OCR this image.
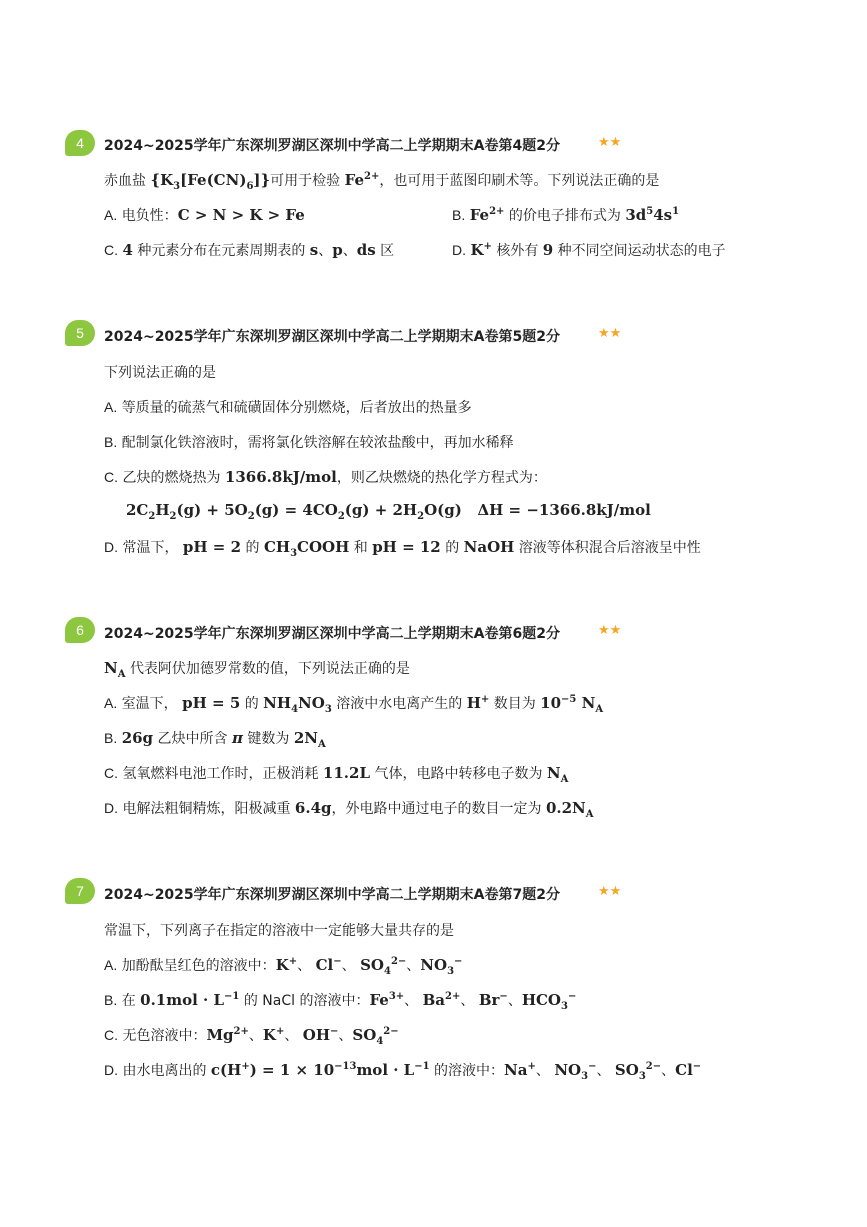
4	2024~2025学年广东深圳罗湖区深圳中学高二上学期期末A卷第4题2分	★★
赤血盐 $\{K_3[Fe(CN)_6]\}$可用于检验 $Fe^{2+}$，也可用于蓝图印刷术等。下列说法正确的是
A. 电负性：C > N > K > Fe	B. $Fe^{2+}$ 的价电子排布式为 $3d^54s^1$
C. 4 种元素分布在元素周期表的 s、p、ds 区	D. K+ 核外有 9 种不同空间运动状态的电子
5	2024~2025学年广东深圳罗湖区深圳中学高二上学期期末A卷第5题2分	★★
下列说法正确的是
A. 等质量的硫蒸气和硫磺固体分别燃烧，后者放出的热量多
B. 配制氯化铁溶液时，需将氯化铁溶解在较浓盐酸中，再加水稀释
C. 乙炔的燃烧热为 1366.8kJ/mol，则乙炔燃烧的热化学方程式为：
$2C_2H_2(g) + 5O_2(g) = 4CO_2(g) + 2H_2O(g) \Delta H = -1366.8kJ/mol$
D. 常温下， pH = 2 的 $CH_3COOH$ 和 pH = 12 的 NaOH 溶液等体积混合后溶液呈中性
6	2024~2025学年广东深圳罗湖区深圳中学高二上学期期末A卷第6题2分	★★
$N_A$ 代表阿伏加德罗常数的值，下列说法正确的是
A. 室温下， pH = 5 的 $NH_4NO_3$ 溶液中水电离产生的 H+ 数目为 $10^{-5}$ $N_A$
B. 26g 乙炔中所含 π 键数为 $2N_A$
C. 氢氧燃料电池工作时，正极消耗 11.2L 气体，电路中转移电子数为 $N_A$
D. 电解法粗铜精炼，阳极减重 6.4g，外电路中通过电子的数目一定为 $0.2N_A$
7	2024~2025学年广东深圳罗湖区深圳中学高二上学期期末A卷第7题2分	★★
常温下，下列离子在指定的溶液中一定能够大量共存的是
A. 加酚酞呈红色的溶液中：K+、 Cl−、 $SO_4^{2-}$、$NO_3^-$
B. 在 $0.1mol \cdot L^{-1}$ 的 NaCl 的溶液中：$Fe^{3+}$、 $Ba^{2+}$、 Br−、$HCO_3^-$
C. 无色溶液中：$Mg^{2+}$、K+、 OH−、$SO_4^{2-}$
D. 由水电离出的 $c(H^+) = 1 \times 10^{-13}mol \cdot L^{-1}$ 的溶液中：Na+、 $NO_3^-$、 $SO_3^{2-}$、Cl−
